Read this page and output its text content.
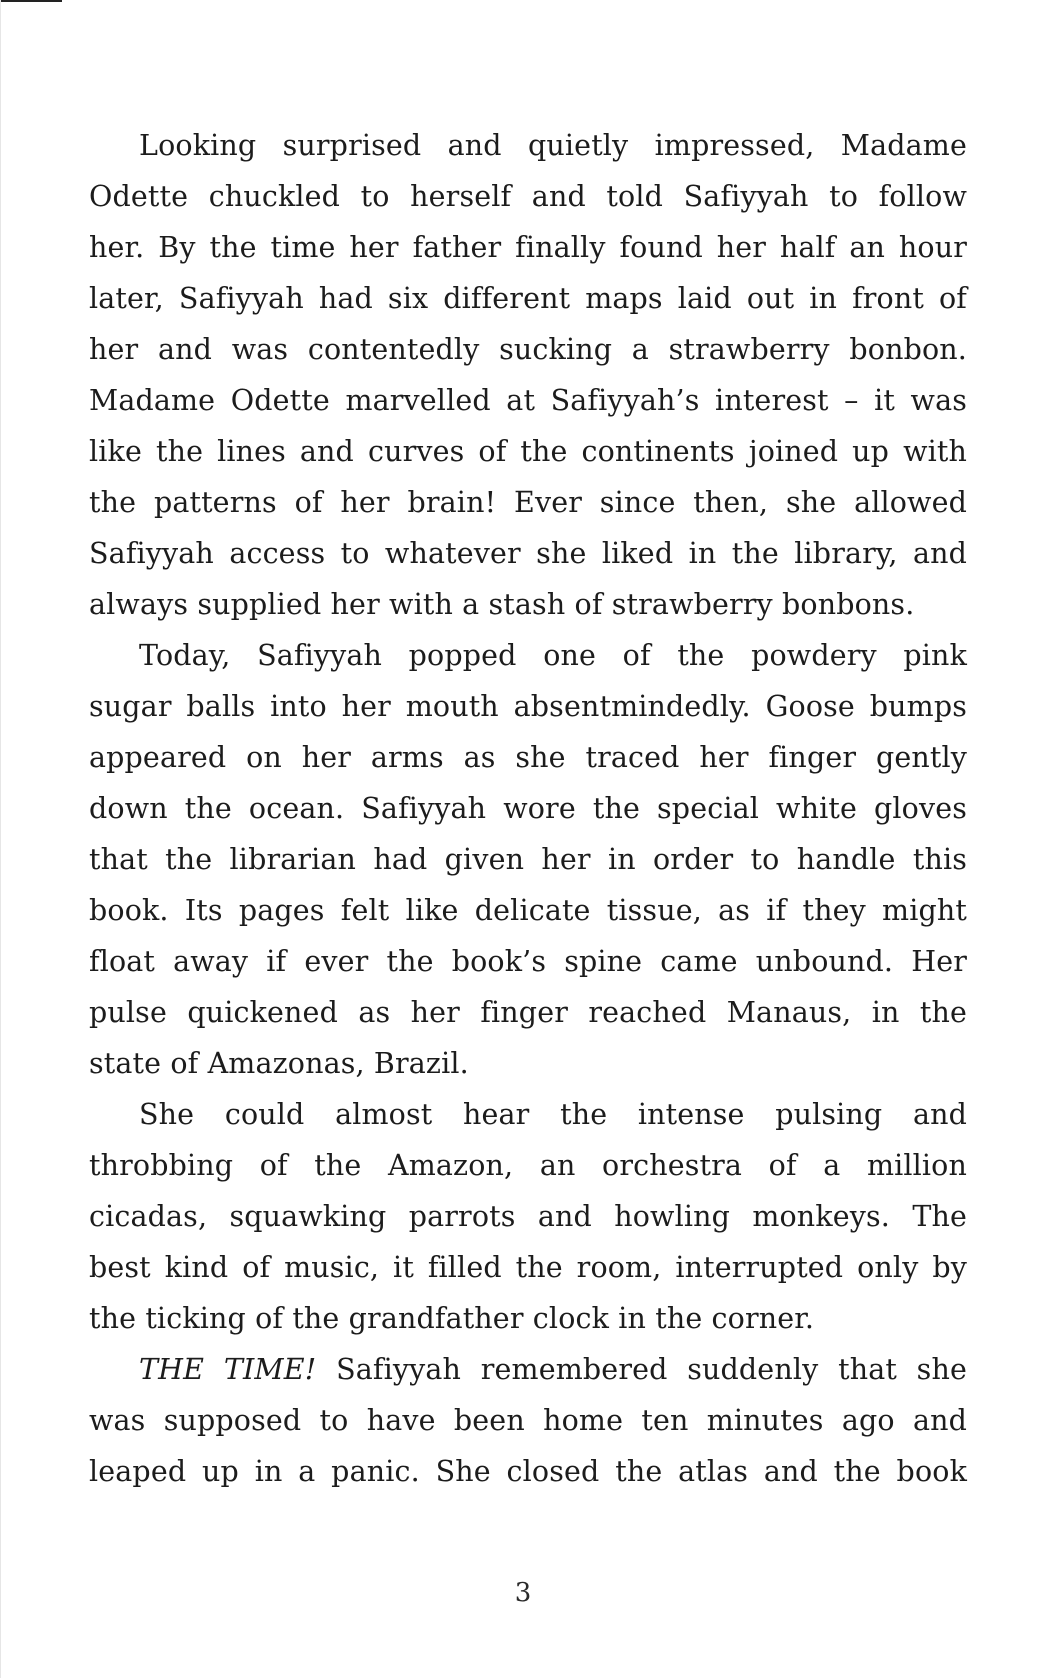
Looking surprised and quietly impressed, Madame
Odette chuckled to herself and told Safiyyah to follow
her. By the time her father finally found her half an hour
later, Safiyyah had six different maps laid out in front of
her and was contentedly sucking a strawberry bonbon.
Madame Odette marvelled at Safiyyah’s interest – it was
like the lines and curves of the continents joined up with
the patterns of her brain! Ever since then, she allowed
Safiyyah access to whatever she liked in the library, and
always supplied her with a stash of strawberry bonbons.
Today, Safiyyah popped one of the powdery pink
sugar balls into her mouth absentmindedly. Goose bumps
appeared on her arms as she traced her finger gently
down the ocean. Safiyyah wore the special white gloves
that the librarian had given her in order to handle this
book. Its pages felt like delicate tissue, as if they might
float away if ever the book’s spine came unbound. Her
pulse quickened as her finger reached Manaus, in the
state of Amazonas, Brazil.
She could almost hear the intense pulsing and
throbbing of the Amazon, an orchestra of a million
cicadas, squawking parrots and howling monkeys. The
best kind of music, it filled the room, interrupted only by
the ticking of the grandfather clock in the corner.
THE TIME! Safiyyah remembered suddenly that she
was supposed to have been home ten minutes ago and
leaped up in a panic. She closed the atlas and the book
3
